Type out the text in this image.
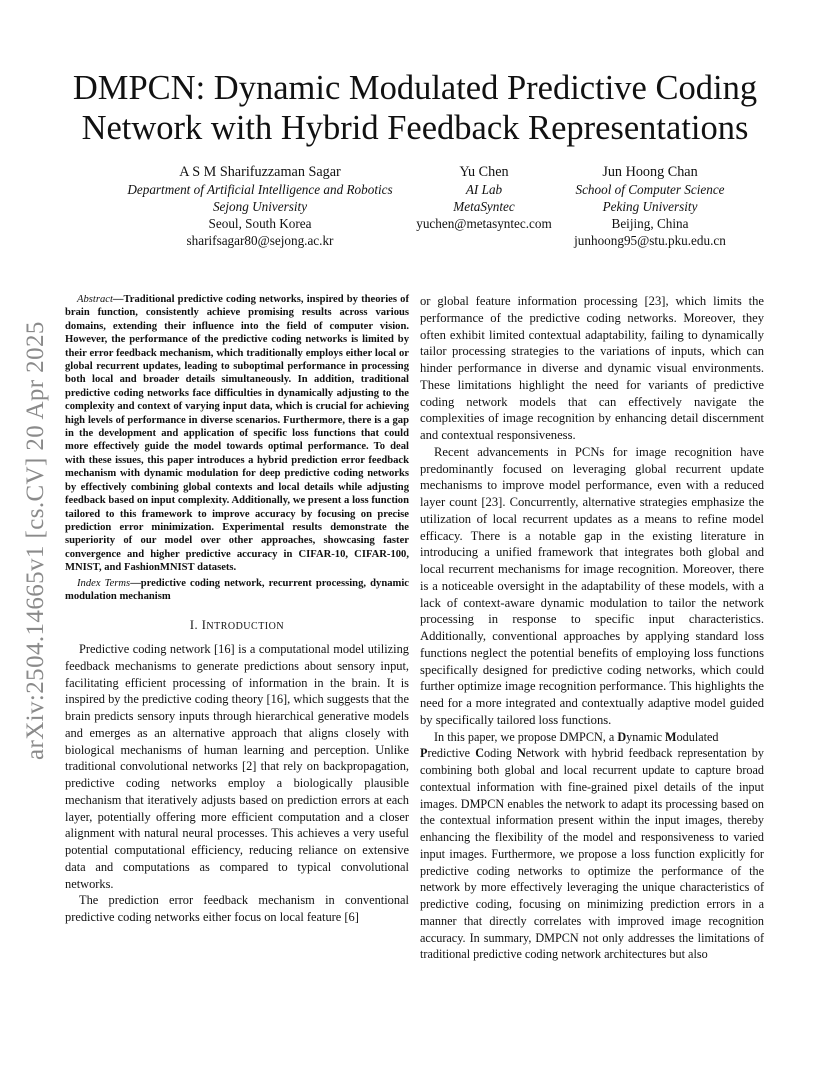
arXiv:2504.14665v1 [cs.CV] 20 Apr 2025
DMPCN: Dynamic Modulated Predictive Coding
Network with Hybrid Feedback Representations
A S M Sharifuzzaman Sagar
Department of Artificial Intelligence and Robotics
Sejong University
Seoul, South Korea
sharifsagar80@sejong.ac.kr
Yu Chen
AI Lab
MetaSyntec
yuchen@metasyntec.com
Jun Hoong Chan
School of Computer Science
Peking University
Beijing, China
junhoong95@stu.pku.edu.cn

Abstract—Traditional predictive coding networks, inspired by theories of brain function, consistently achieve promising results across various domains, extending their influence into the field of computer vision. However, the performance of the predictive coding networks is limited by their error feedback mechanism, which traditionally employs either local or global recurrent updates, leading to suboptimal performance in processing both local and broader details simultaneously. In addition, traditional predictive coding networks face difficulties in dynamically adjusting to the complexity and context of varying input data, which is crucial for achieving high levels of performance in diverse scenarios. Furthermore, there is a gap in the development and application of specific loss functions that could more effectively guide the model towards optimal performance. To deal with these issues, this paper introduces a hybrid prediction error feedback mechanism with dynamic modulation for deep predictive coding networks by effectively combining global contexts and local details while adjusting feedback based on input complexity. Additionally, we present a loss function tailored to this framework to improve accuracy by focusing on precise prediction error minimization. Experimental results demonstrate the superiority of our model over other approaches, showcasing faster convergence and higher predictive accuracy in CIFAR-10, CIFAR-100, MNIST, and FashionMNIST datasets.

Index Terms—predictive coding network, recurrent processing, dynamic modulation mechanism

I. INTRODUCTION

Predictive coding network [16] is a computational model utilizing feedback mechanisms to generate predictions about sensory input, facilitating efficient processing of information in the brain. It is inspired by the predictive coding theory [16], which suggests that the brain predicts sensory inputs through hierarchical generative models and emerges as an alternative approach that aligns closely with biological mechanisms of human learning and perception. Unlike traditional convolutional networks [2] that rely on backpropagation, predictive coding networks employ a biologically plausible mechanism that iteratively adjusts based on prediction errors at each layer, potentially offering more efficient computation and a closer alignment with natural neural processes. This achieves a very useful potential computational efficiency, reducing reliance on extensive data and computations as compared to typical convolutional networks.

The prediction error feedback mechanism in conventional predictive coding networks either focus on local feature [6]

or global feature information processing [23], which limits the performance of the predictive coding networks. Moreover, they often exhibit limited contextual adaptability, failing to dynamically tailor processing strategies to the variations of inputs, which can hinder performance in diverse and dynamic visual environments. These limitations highlight the need for variants of predictive coding network models that can effectively navigate the complexities of image recognition by enhancing detail discernment and contextual responsiveness.

Recent advancements in PCNs for image recognition have predominantly focused on leveraging global recurrent update mechanisms to improve model performance, even with a reduced layer count [23]. Concurrently, alternative strategies emphasize the utilization of local recurrent updates as a means to refine model efficacy. There is a notable gap in the existing literature in introducing a unified framework that integrates both global and local recurrent mechanisms for image recognition. Moreover, there is a noticeable oversight in the adaptability of these models, with a lack of context-aware dynamic modulation to tailor the network processing in response to specific input characteristics. Additionally, conventional approaches by applying standard loss functions neglect the potential benefits of employing loss functions specifically designed for predictive coding networks, which could further optimize image recognition performance. This highlights the need for a more integrated and contextually adaptive model guided by specifically tailored loss functions.

In this paper, we propose DMPCN, a Dynamic Modulated
Predictive Coding Network with hybrid feedback representation by combining both global and local recurrent update to capture broad contextual information with fine-grained pixel details of the input images. DMPCN enables the network to adapt its processing based on the contextual information present within the input images, thereby enhancing the flexibility of the model and responsiveness to varied input images. Furthermore, we propose a loss function explicitly for predictive coding networks to optimize the performance of the network by more effectively leveraging the unique characteristics of predictive coding, focusing on minimizing prediction errors in a manner that directly correlates with improved image recognition accuracy. In summary, DMPCN not only addresses the limitations of traditional predictive coding network architectures but also
